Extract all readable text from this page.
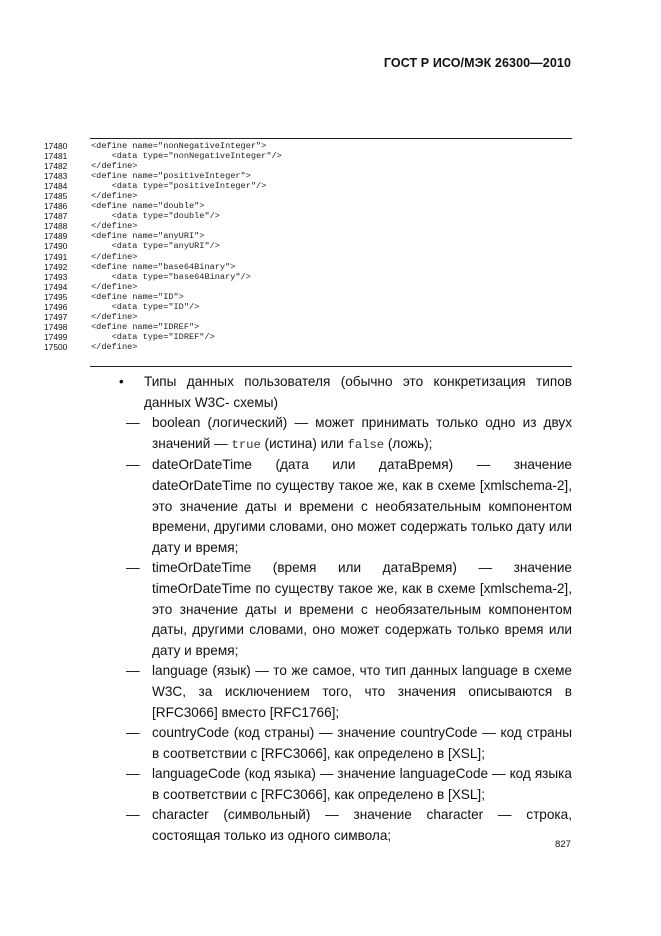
ГОСТ Р ИСО/МЭК 26300—2010
17480	<define name="nonNegativeInteger">
17481	<data type="nonNegativeInteger"/>
17482	</define>
17483	<define name="positiveInteger">
17484	<data type="positiveInteger"/>
17485	</define>
17486	<define name="double">
17487	<data type="double"/>
17488	</define>
17489	<define name="anyURI">
17490	<data type="anyURI"/>
17491	</define>
17492	<define name="base64Binary">
17493	<data type="base64Binary"/>
17494	</define>
17495	<define name="ID">
17496	<data type="ID"/>
17497	</define>
17498	<define name="IDREF">
17499	<data type="IDREF"/>
17500	</define>
•	Типы данных пользователя (обычно это конкретизация типов данных W3C- схемы)
— boolean (логический) — может принимать только одно из двух значений — true (истина) или false (ложь);
— dateOrDateTime (дата или датаВремя) — значение dateOrDateTime по существу такое же, как в схеме [xmlschema-2], это значение даты и времени с необязательным компонентом времени, другими словами, оно может содержать только дату или дату и время;
— timeOrDateTime (время или датаВремя) — значение timeOrDateTime по существу такое же, как в схеме [xmlschema-2], это значение даты и времени с необязательным компонентом даты, другими словами, оно может содержать только время или дату и время;
— language (язык) — то же самое, что тип данных language в схеме W3C, за исключением того, что значения описываются в [RFC3066] вместо [RFC1766];
— countryCode (код страны) — значение countryCode — код страны в соответствии с [RFC3066], как определено в [XSL];
— languageCode (код языка) — значение languageCode — код языка в соответствии с [RFC3066], как определено в [XSL];
— character (символьный) — значение character — строка, состоящая только из одного символа;
827
